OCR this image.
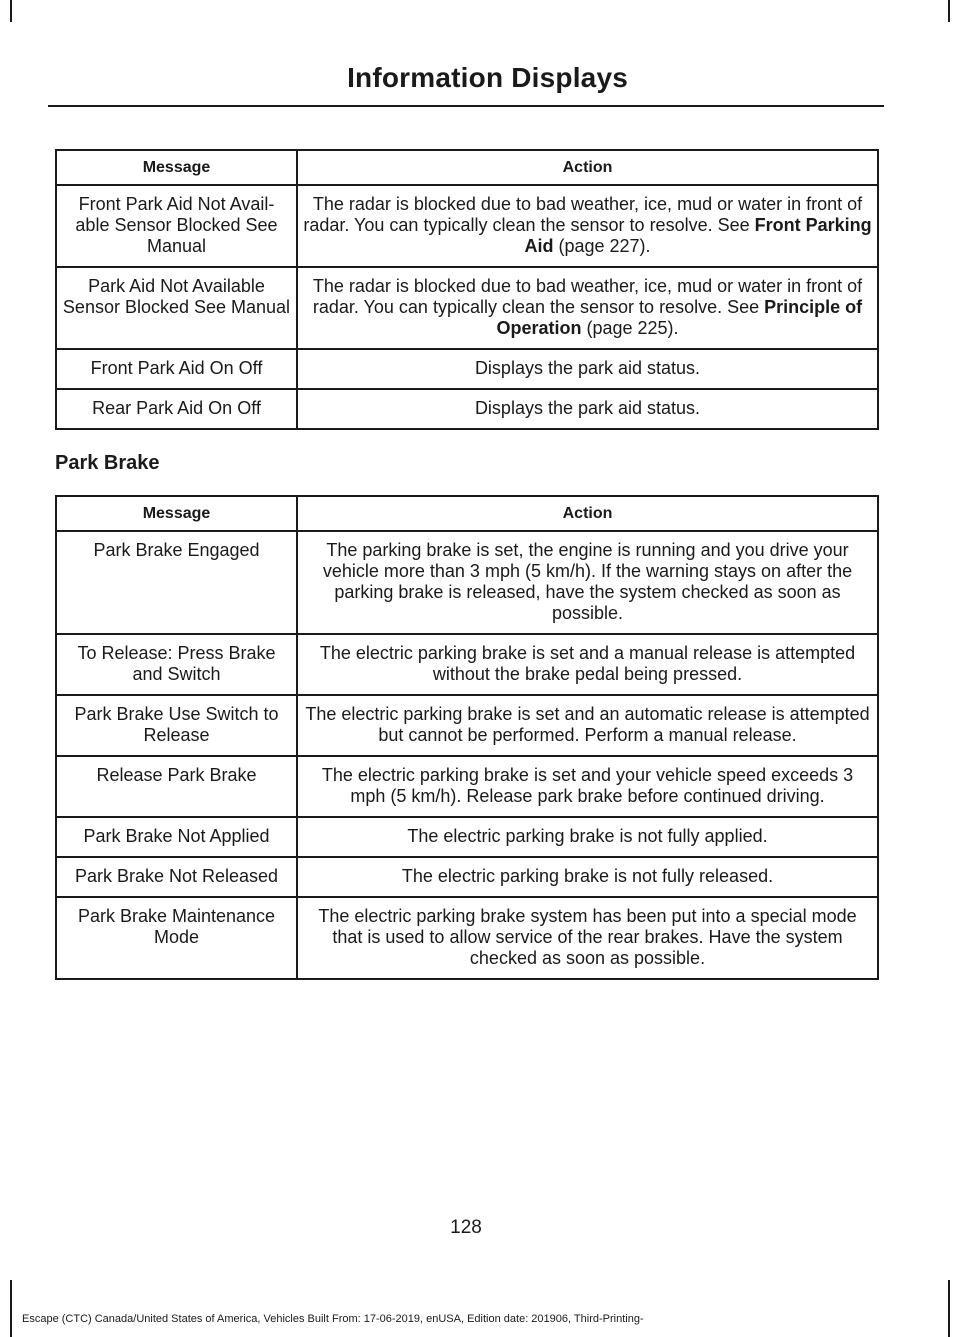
Information Displays
Message	Action
Front Park Aid Not Avail-able Sensor Blocked See Manual	The radar is blocked due to bad weather, ice, mud or water in front of radar. You can typically clean the sensor to resolve. See Front Parking Aid (page 227).
Park Aid Not Available Sensor Blocked See Manual	The radar is blocked due to bad weather, ice, mud or water in front of radar. You can typically clean the sensor to resolve. See Principle of Operation (page 225).
Front Park Aid On Off	Displays the park aid status.
Rear Park Aid On Off	Displays the park aid status.
Park Brake
Message	Action
Park Brake Engaged	The parking brake is set, the engine is running and you drive your vehicle more than 3 mph (5 km/h). If the warning stays on after the parking brake is released, have the system checked as soon as possible.
To Release: Press Brake and Switch	The electric parking brake is set and a manual release is attempted without the brake pedal being pressed.
Park Brake Use Switch to Release	The electric parking brake is set and an automatic release is attempted but cannot be performed. Perform a manual release.
Release Park Brake	The electric parking brake is set and your vehicle speed exceeds 3 mph (5 km/h). Release park brake before continued driving.
Park Brake Not Applied	The electric parking brake is not fully applied.
Park Brake Not Released	The electric parking brake is not fully released.
Park Brake Maintenance Mode	The electric parking brake system has been put into a special mode that is used to allow service of the rear brakes. Have the system checked as soon as possible.
128
Escape (CTC) Canada/United States of America, Vehicles Built From: 17-06-2019, enUSA, Edition date: 201906, Third-Printing-
